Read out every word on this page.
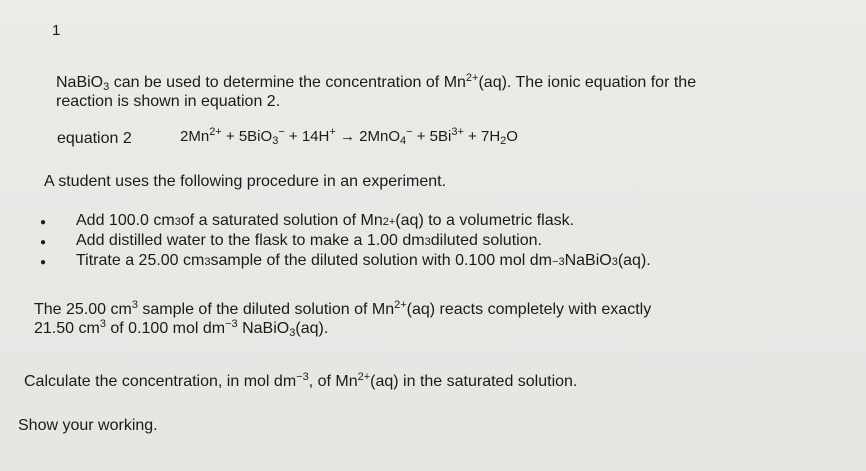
1
NaBiO$_3$ can be used to determine the concentration of $Mn^{2+}(aq)$. The ionic equation for the
reaction is shown in equation 2.
equation 2	$2Mn^{2+} + 5BiO_3^- + 14H^+ \to 2MnO_4^- + 5Bi^{3+} + 7H_2O$
A student uses the following procedure in an experiment.
●	Add 100.0 cm 3 of a saturated solution of Mn 2+ (aq) to a volumetric flask.
●	Add distilled water to the flask to make a 1.00 dm 3 diluted solution.
●	Titrate a 25.00 cm 3 sample of the diluted solution with 0.100 mol dm −3 NaBiO 3 (aq).
The 25.00 $cm^3$ sample of the diluted solution of $Mn^{2+}(aq)$ reacts completely with exactly
21.50 $cm^3$ of 0.100 mol $dm^{-3}$ NaBiO$_3$(aq).
Calculate the concentration, in mol $dm^{-3}$, of $Mn^{2+}(aq)$ in the saturated solution.
Show your working.
